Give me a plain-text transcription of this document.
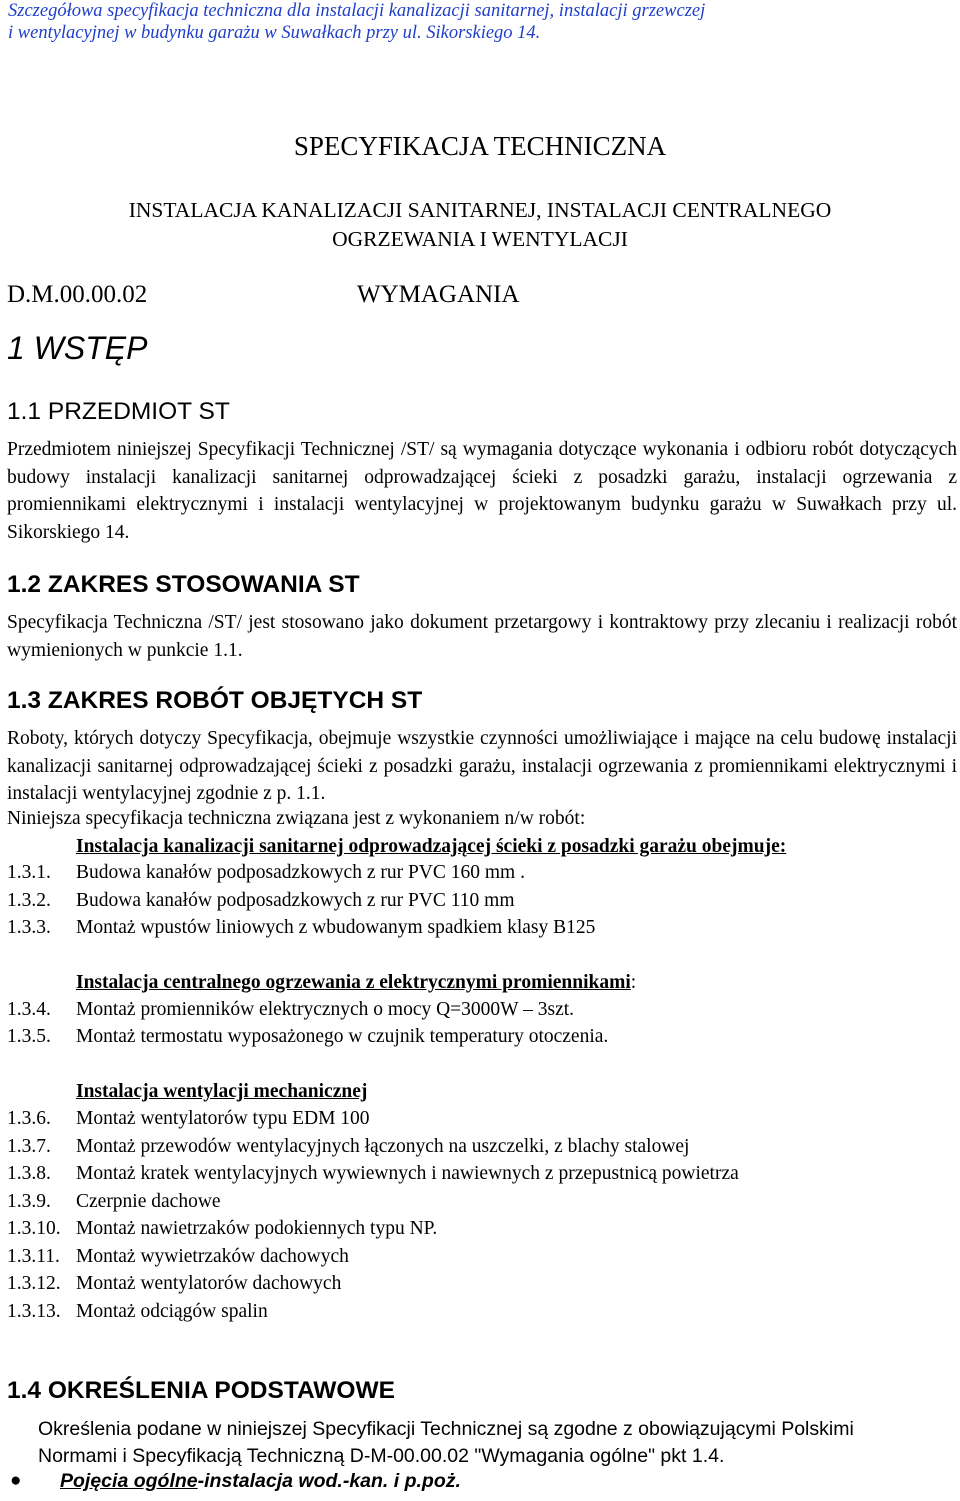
Szczegółowa specyfikacja techniczna dla instalacji kanalizacji sanitarnej, instalacji grzewczej
i wentylacyjnej w budynku garażu w Suwałkach przy ul. Sikorskiego 14.
SPECYFIKACJA TECHNICZNA
INSTALACJA KANALIZACJI SANITARNEJ, INSTALACJI CENTRALNEGO
OGRZEWANIA I WENTYLACJI
D.M.00.00.02	WYMAGANIA
1 WSTĘP
1.1 PRZEDMIOT ST
Przedmiotem niniejszej Specyfikacji Technicznej /ST/ są wymagania dotyczące wykonania i odbioru robót dotyczących budowy instalacji kanalizacji sanitarnej odprowadzającej ścieki z posadzki garażu, instalacji ogrzewania z promiennikami elektrycznymi i instalacji wentylacyjnej w projektowanym budynku garażu w Suwałkach przy ul. Sikorskiego 14.
1.2 ZAKRES STOSOWANIA ST
Specyfikacja Techniczna /ST/ jest stosowano jako dokument przetargowy i kontraktowy przy zlecaniu i realizacji robót wymienionych w punkcie 1.1.
1.3 ZAKRES ROBÓT OBJĘTYCH ST
Roboty, których dotyczy Specyfikacja, obejmuje wszystkie czynności umożliwiające i mające na celu budowę instalacji kanalizacji sanitarnej odprowadzającej ścieki z posadzki garażu, instalacji ogrzewania z promiennikami elektrycznymi i instalacji wentylacyjnej zgodnie z p. 1.1.
Niniejsza specyfikacja techniczna związana jest z wykonaniem n/w robót:
Instalacja kanalizacji sanitarnej odprowadzającej ścieki z posadzki garażu obejmuje:
1.3.1. Budowa kanałów podposadzkowych z rur PVC 160 mm .
1.3.2. Budowa kanałów podposadzkowych z rur PVC 110 mm
1.3.3. Montaż wpustów liniowych z wbudowanym spadkiem klasy B125
Instalacja centralnego ogrzewania z elektrycznymi promiennikami:
1.3.4. Montaż promienników elektrycznych o mocy Q=3000W – 3szt.
1.3.5. Montaż termostatu wyposażonego w czujnik temperatury otoczenia.
Instalacja wentylacji mechanicznej
1.3.6. Montaż wentylatorów typu EDM 100
1.3.7. Montaż przewodów wentylacyjnych łączonych na uszczelki, z blachy stalowej
1.3.8. Montaż kratek wentylacyjnych wywiewnych i nawiewnych z przepustnicą powietrza
1.3.9. Czerpnie dachowe
1.3.10. Montaż nawietrzaków podokiennych typu NP.
1.3.11. Montaż wywietrzaków dachowych
1.3.12. Montaż wentylatorów dachowych
1.3.13. Montaż odciągów spalin
1.4 OKREŚLENIA PODSTAWOWE
Określenia podane w niniejszej Specyfikacji Technicznej są zgodne z obowiązującymi Polskimi
Normami i Specyfikacją Techniczną D-M-00.00.02 "Wymagania ogólne" pkt 1.4.
● Pojęcia ogólne-instalacja wod.-kan. i p.poż.
